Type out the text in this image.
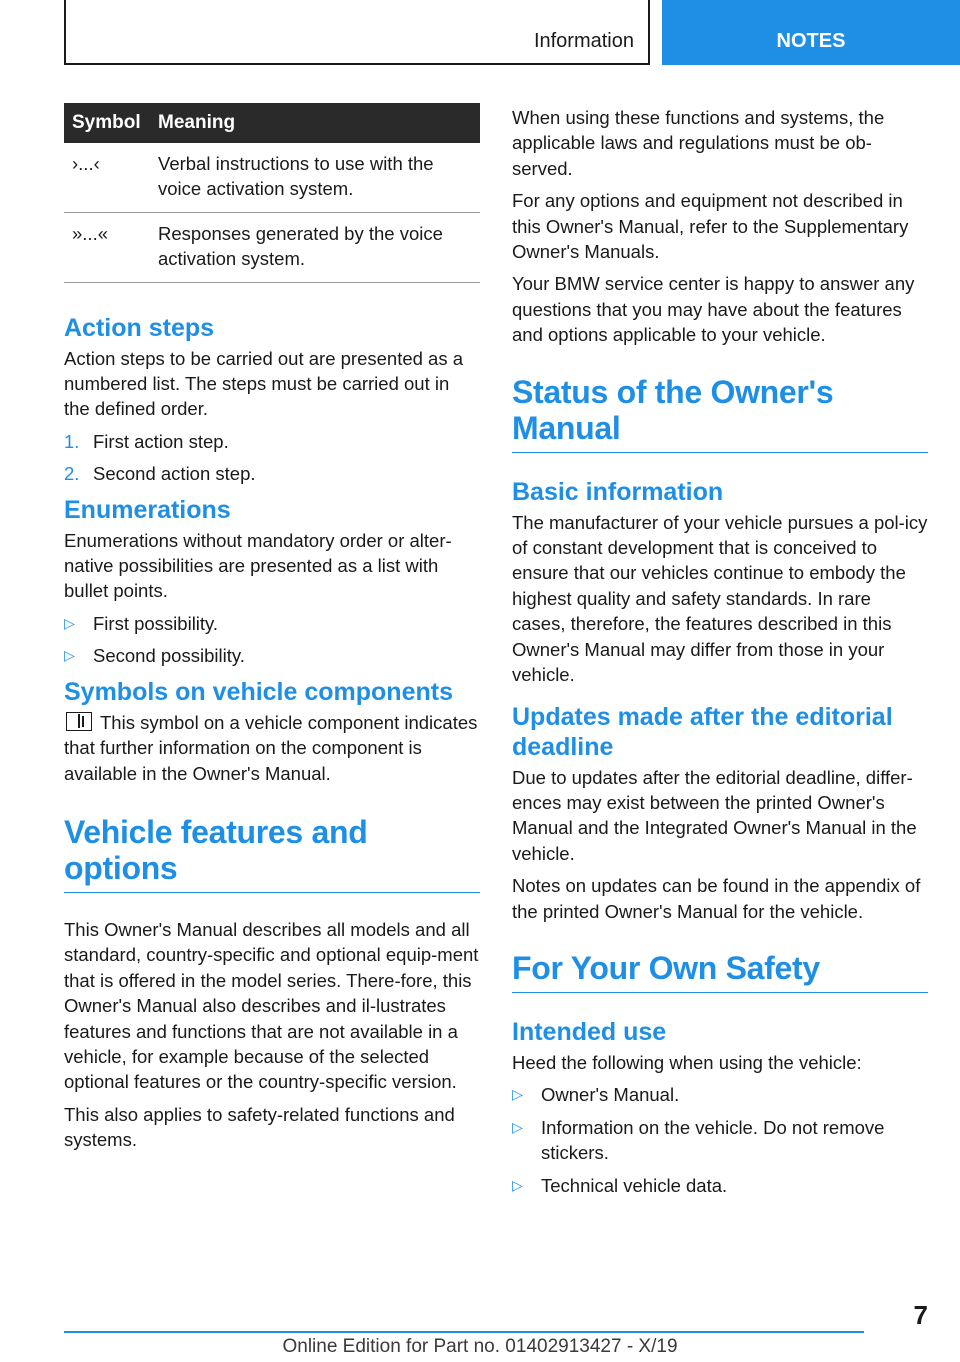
Information	NOTES
Symbol	Meaning
›...‹	Verbal instructions to use with the voice activation system.
»...«	Responses generated by the voice activation system.
Action steps

Action steps to be carried out are presented as a numbered list. The steps must be carried out in the defined order.

1. First action step.
2. Second action step.
Enumerations

Enumerations without mandatory order or alter-native possibilities are presented as a list with bullet points.

▷ First possibility.
▷ Second possibility.
Symbols on vehicle components

This symbol on a vehicle component indicates that further information on the component is available in the Owner's Manual.

Vehicle features and options

This Owner's Manual describes all models and all standard, country-specific and optional equip-ment that is offered in the model series. There-fore, this Owner's Manual also describes and il-lustrates features and functions that are not available in a vehicle, for example because of the selected optional features or the country-specific version.

This also applies to safety-related functions and systems.

When using these functions and systems, the applicable laws and regulations must be ob-served.

For any options and equipment not described in this Owner's Manual, refer to the Supplementary Owner's Manuals.

Your BMW service center is happy to answer any questions that you may have about the features and options applicable to your vehicle.

Status of the Owner's Manual
Basic information

The manufacturer of your vehicle pursues a pol-icy of constant development that is conceived to ensure that our vehicles continue to embody the highest quality and safety standards. In rare cases, therefore, the features described in this Owner's Manual may differ from those in your vehicle.

Updates made after the editorial deadline

Due to updates after the editorial deadline, differ-ences may exist between the printed Owner's Manual and the Integrated Owner's Manual in the vehicle.

Notes on updates can be found in the appendix of the printed Owner's Manual for the vehicle.

For Your Own Safety
Intended use

Heed the following when using the vehicle:

▷ Owner's Manual.
▷ Information on the vehicle. Do not remove stickers.
▷ Technical vehicle data.
7
Online Edition for Part no. 01402913427 - X/19
